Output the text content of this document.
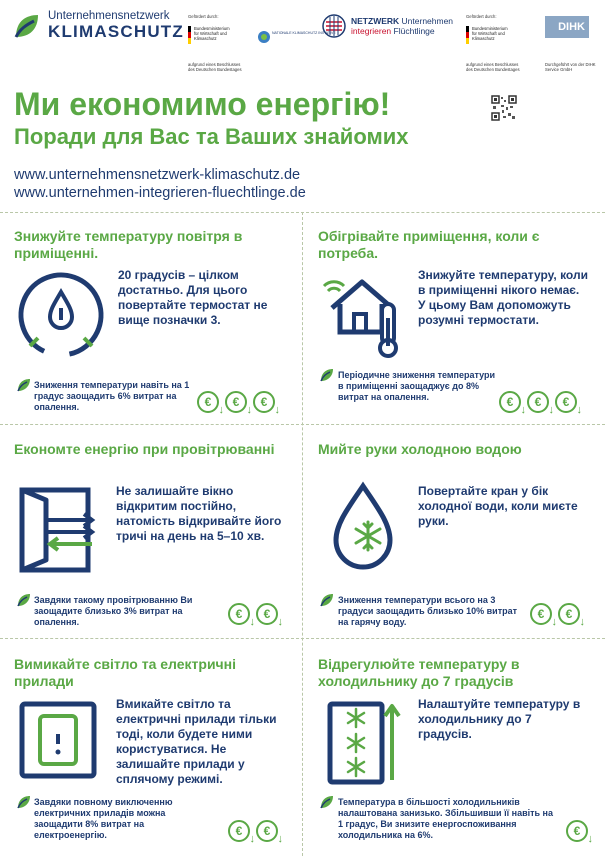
Unternehmensnetzwerk
KLIMASCHUTZ
Gefördert durch:
Bundesministerium für Wirtschaft und Klimaschutz
aufgrund eines Beschlusses des Deutschen Bundestages
NATIONALE KLIMASCHUTZ INITIATIVE
NETZWERK Unternehmen
integrieren Flüchtlinge
Gefördert durch:
Bundesministerium für Wirtschaft und Klimaschutz
aufgrund eines Beschlusses des Deutschen Bundestages
DIHK
Durchgeführt von der DIHK Service GmbH
Ми економимо енергію!
Поради для Вас та Ваших знайомих
www.unternehmensnetzwerk-klimaschutz.de
www.unternehmen-integrieren-fluechtlinge.de
Знижуйте температуру повітря в приміщенні.
20 градусів – цілком достатньо. Для цього повертайте термостат не вище позначки 3.
Зниження температури навіть на 1 градус заощадить 6% витрат на опалення.	€
↓
€
↓
€
↓
Обігрівайте приміщення, коли є потреба.
Знижуйте температуру, коли в приміщенні нікого немає. У цьому Вам допоможуть розумні термостати.
Періодичне зниження температури в приміщенні заощаджує до 8% витрат на опалення.	€
↓
€
↓
€
↓
Економте енергію при провітрюванні
Не залишайте вікно відкритим постійно, натомість відкривайте його тричі на день на 5–10 хв.
Завдяки такому провітрюванню Ви заощадите близько 3% витрат на опалення.
€
↓
€
↓
Мийте руки холодною водою
Повертайте кран у бік холодної води, коли миєте руки.
Зниження температури всього на 3 градуси заощадить близько 10% витрат на гарячу воду.
€
↓
€
↓
Вимикайте світло та електричні прилади
Вмикайте світло та електричні прилади тільки тоді, коли будете ними користуватися. Не залишайте прилади у сплячому режимі.
Завдяки повному виключенню електричних приладів можна заощадити 8% витрат на електроенергію.	€
↓
€
↓
Відрегулюйте температуру в холодильнику до 7 градусів
Налаштуйте температуру в холодильнику до 7 градусів.
Температура в більшості холодильників налаштована занизько. Збільшивши її навіть на 1 градус, Ви знизите енергоспоживання холодильника на 6%.	€
↓
